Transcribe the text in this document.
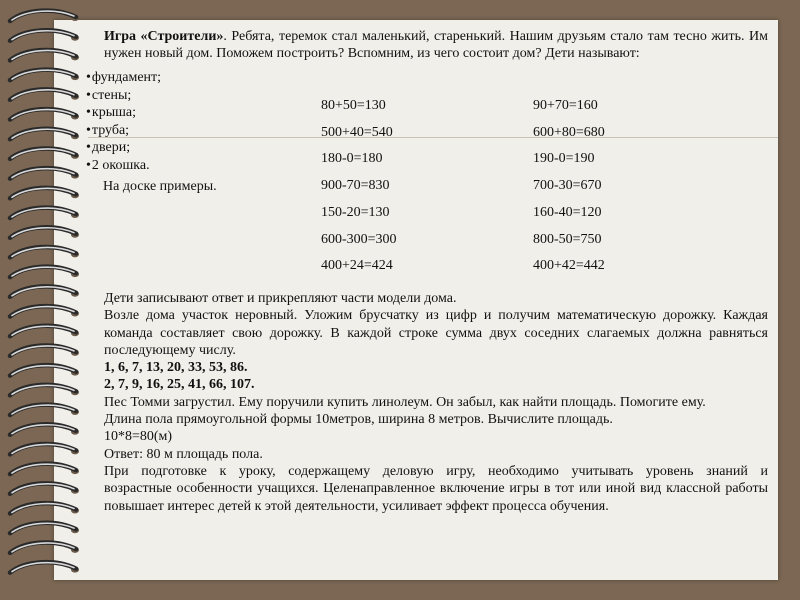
Игра «Строители». Ребята, теремок стал маленький, старенький. Нашим друзьям стало там тесно жить. Им нужен новый дом. Поможем построить? Вспомним, из чего состоит дом? Дети называют:
• фундамент;
• стены;
• крыша;
• труба;
• двери;
• 2 окошка.
На доске примеры.
80+50=130
500+40=540
180-0=180
900-70=830
150-20=130
600-300=300
400+24=424
90+70=160
600+80=680
190-0=190
700-30=670
160-40=120
800-50=750
400+42=442

Дети записывают ответ и прикрепляют части модели дома.

Возле дома участок неровный. Уложим брусчатку из цифр и получим математическую дорожку. Каждая команда составляет свою дорожку. В каждой строке сумма двух соседних слагаемых должна равняться последующему числу.

1, 6, 7, 13, 20, 33, 53, 86.

2, 7, 9, 16, 25, 41, 66, 107.

Пес Томми загрустил. Ему поручили купить линолеум. Он забыл, как найти площадь. Помогите ему.

Длина пола прямоугольной формы 10метров, ширина 8 метров. Вычислите площадь.

10*8=80(м)

Ответ: 80 м площадь пола.

При подготовке к уроку, содержащему деловую игру, необходимо учитывать уровень знаний и

возрастные особенности учащихся. Целенаправленное включение игры в тот или иной вид классной работы повышает интерес детей к этой деятельности, усиливает эффект процесса обучения.
